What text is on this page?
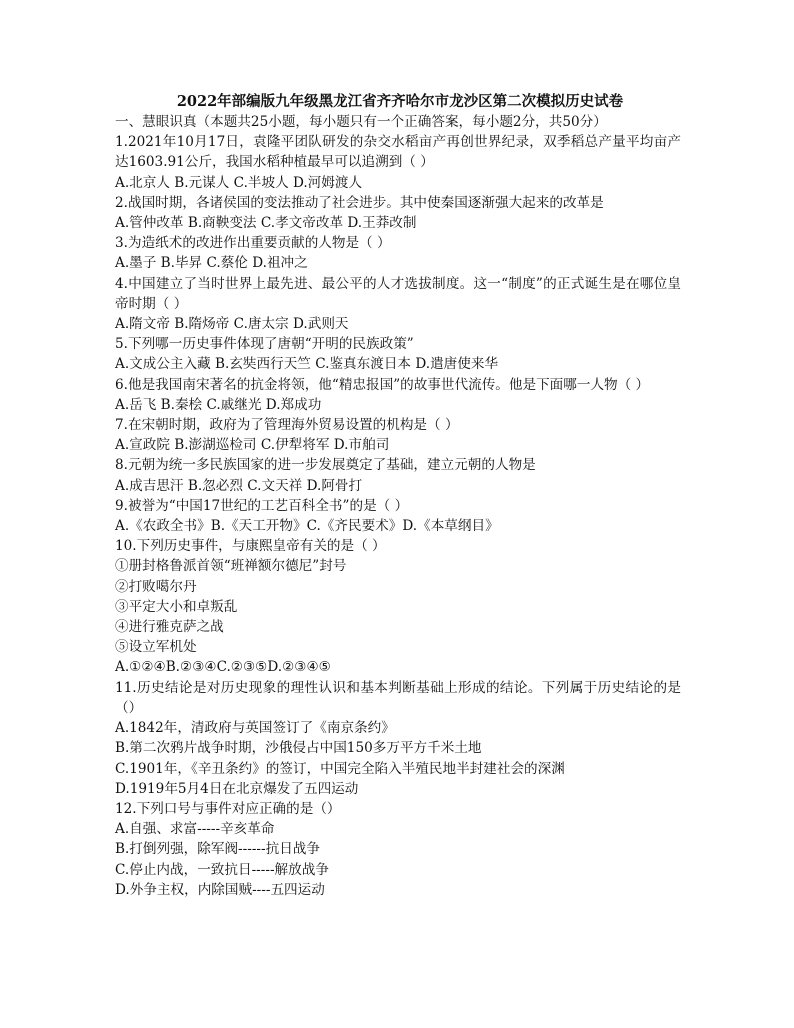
2022年部编版九年级黑龙江省齐齐哈尔市龙沙区第二次模拟历史试卷
一、慧眼识真（本题共25小题，每小题只有一个正确答案，每小题2分，共50分）
1.2021年10月17日，袁隆平团队研发的杂交水稻亩产再创世界纪录，双季稻总产量平均亩产达1603.91公斤，我国水稻种植最早可以追溯到（ ）
A.北京人 B.元谋人 C.半坡人 D.河姆渡人
2.战国时期，各诸侯国的变法推动了社会进步。其中使秦国逐渐强大起来的改革是
A.管仲改革 B.商鞅变法 C.孝文帝改革 D.王莽改制
3.为造纸术的改进作出重要贡献的人物是（ ）
A.墨子 B.毕昇 C.蔡伦 D.祖冲之
4.中国建立了当时世界上最先进、最公平的人才选拔制度。这一“制度”的正式诞生是在哪位皇帝时期（ ）
A.隋文帝 B.隋炀帝 C.唐太宗 D.武则天
5.下列哪一历史事件体现了唐朝“开明的民族政策”
A.文成公主入藏 B.玄奘西行天竺 C.鉴真东渡日本 D.遣唐使来华
6.他是我国南宋著名的抗金将领，他“精忠报国”的故事世代流传。他是下面哪一人物（ ）
A.岳飞 B.秦桧 C.戚继光 D.郑成功
7.在宋朝时期，政府为了管理海外贸易设置的机构是（ ）
A.宣政院 B.澎湖巡检司 C.伊犁将军 D.市舶司
8.元朝为统一多民族国家的进一步发展奠定了基础，建立元朝的人物是
A.成吉思汗 B.忽必烈 C.文天祥 D.阿骨打
9.被誉为“中国17世纪的工艺百科全书”的是（ ）
A.《农政全书》B.《天工开物》C.《齐民要术》D.《本草纲目》
10.下列历史事件，与康熙皇帝有关的是（ ）
①册封格鲁派首领“班禅额尔德尼”封号
②打败噶尔丹
③平定大小和卓叛乱
④进行雅克萨之战
⑤设立军机处
A.①②④B.②③④C.②③⑤D.②③④⑤
11.历史结论是对历史现象的理性认识和基本判断基础上形成的结论。下列属于历史结论的是（）
A.1842年，清政府与英国签订了《南京条约》
B.第二次鸦片战争时期，沙俄侵占中国150多万平方千米土地
C.1901年，《辛丑条约》的签订，中国完全陷入半殖民地半封建社会的深渊
D.1919年5月4日在北京爆发了五四运动
12.下列口号与事件对应正确的是（）
A.自强、求富-----辛亥革命
B.打倒列强，除军阀------抗日战争
C.停止内战，一致抗日-----解放战争
D.外争主权，内除国贼----五四运动
